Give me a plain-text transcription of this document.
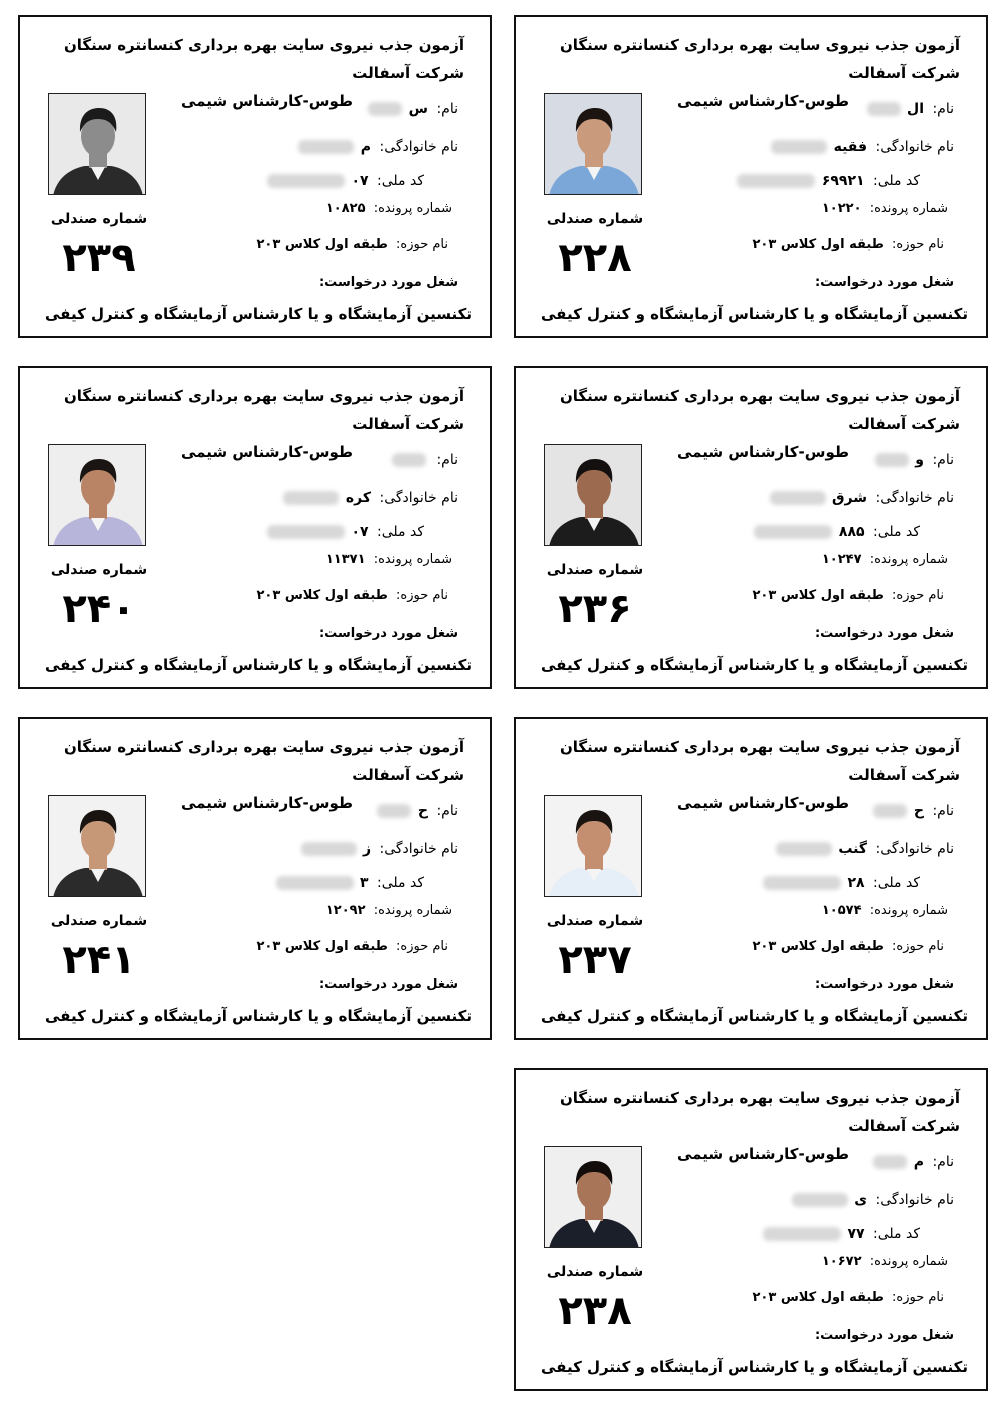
آزمون جذب نیروی سایت بهره برداری کنسانتره سنگان شرکت آسفالت
طوس-کارشناس شیمی
شماره صندلی
۲۳۹
نام: س
نام خانوادگی: م
کد ملی: ۰۷
شماره پرونده: ۱۰۸۲۵
نام حوزه: طبقه اول کلاس ۲۰۳
شغل مورد درخواست:
تکنسین آزمایشگاه و یا کارشناس آزمایشگاه و کنترل کیفی
آزمون جذب نیروی سایت بهره برداری کنسانتره سنگان شرکت آسفالت
طوس-کارشناس شیمی
شماره صندلی
۲۲۸
نام: ال
نام خانوادگی: فقیه
کد ملی: ۶۹۹۲۱
شماره پرونده: ۱۰۲۲۰
نام حوزه: طبقه اول کلاس ۲۰۳
شغل مورد درخواست:
تکنسین آزمایشگاه و یا کارشناس آزمایشگاه و کنترل کیفی
آزمون جذب نیروی سایت بهره برداری کنسانتره سنگان شرکت آسفالت
طوس-کارشناس شیمی
شماره صندلی
۲۴۰
نام:
نام خانوادگی: کره
کد ملی: ۰۷
شماره پرونده: ۱۱۳۷۱
نام حوزه: طبقه اول کلاس ۲۰۳
شغل مورد درخواست:
تکنسین آزمایشگاه و یا کارشناس آزمایشگاه و کنترل کیفی
آزمون جذب نیروی سایت بهره برداری کنسانتره سنگان شرکت آسفالت
طوس-کارشناس شیمی
شماره صندلی
۲۳۶
نام: و
نام خانوادگی: شرق
کد ملی: ۸۸۵
شماره پرونده: ۱۰۲۴۷
نام حوزه: طبقه اول کلاس ۲۰۳
شغل مورد درخواست:
تکنسین آزمایشگاه و یا کارشناس آزمایشگاه و کنترل کیفی
آزمون جذب نیروی سایت بهره برداری کنسانتره سنگان شرکت آسفالت
طوس-کارشناس شیمی
شماره صندلی
۲۴۱
نام: ح
نام خانوادگی: ز
کد ملی: ۳
شماره پرونده: ۱۲۰۹۲
نام حوزه: طبقه اول کلاس ۲۰۳
شغل مورد درخواست:
تکنسین آزمایشگاه و یا کارشناس آزمایشگاه و کنترل کیفی
آزمون جذب نیروی سایت بهره برداری کنسانتره سنگان شرکت آسفالت
طوس-کارشناس شیمی
شماره صندلی
۲۳۷
نام: ح
نام خانوادگی: گنب
کد ملی: ۲۸
شماره پرونده: ۱۰۵۷۴
نام حوزه: طبقه اول کلاس ۲۰۳
شغل مورد درخواست:
تکنسین آزمایشگاه و یا کارشناس آزمایشگاه و کنترل کیفی
آزمون جذب نیروی سایت بهره برداری کنسانتره سنگان شرکت آسفالت
طوس-کارشناس شیمی
شماره صندلی
۲۳۸
نام: م
نام خانوادگی: ی
کد ملی: ۷۷
شماره پرونده: ۱۰۶۷۲
نام حوزه: طبقه اول کلاس ۲۰۳
شغل مورد درخواست:
تکنسین آزمایشگاه و یا کارشناس آزمایشگاه و کنترل کیفی
